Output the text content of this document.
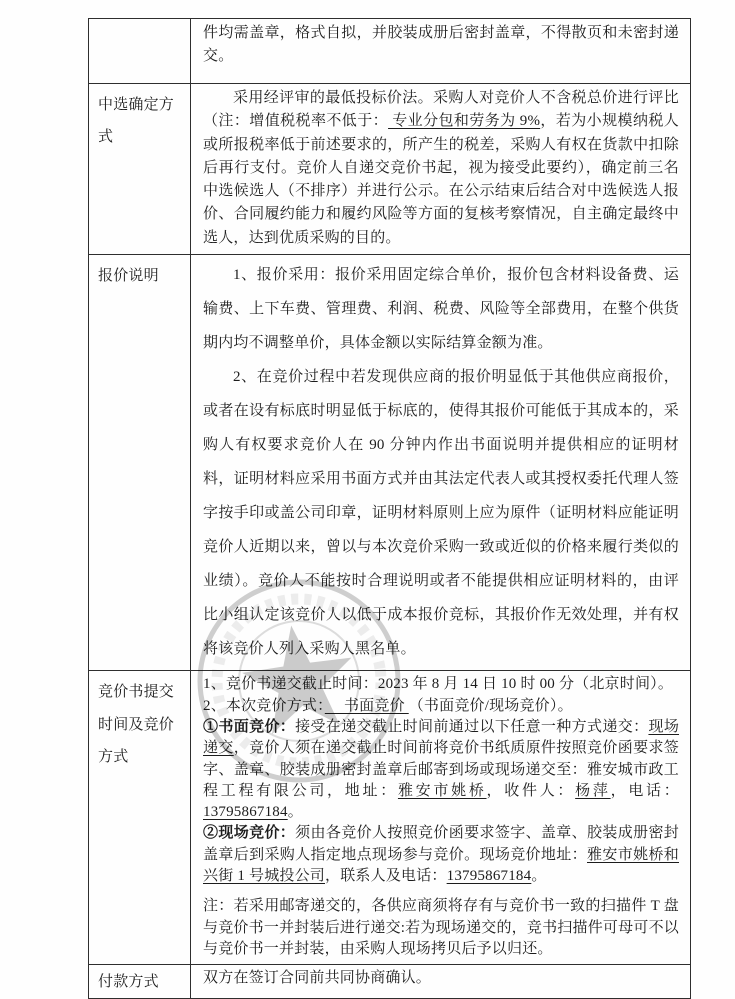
	件均需盖章，格式自拟，并胶装成册后密封盖章，不得散页和未密封递交。

中选确定方式	采用经评审的最低投标价法。采购人对竞价人不含税总价进行评比（注：增值税税率不低于： 专业分包和劳务为 9%，若为小规模纳税人或所报税率低于前述要求的，所产生的税差，采购人有权在货款中扣除后再行支付。竞价人自递交竞价书起，视为接受此要约），确定前三名中选候选人（不排序）并进行公示。在公示结束后结合对中选候选人报价、合同履约能力和履约风险等方面的复核考察情况，自主确定最终中选人，达到优质采购的目的。

报价说明	1、报价采用：报价采用固定综合单价，报价包含材料设备费、运输费、上下车费、管理费、利润、税费、风险等全部费用，在整个供货期内均不调整单价，具体金额以实际结算金额为准。

2、在竞价过程中若发现供应商的报价明显低于其他供应商报价，或者在设有标底时明显低于标底的，使得其报价可能低于其成本的，采购人有权要求竞价人在 90 分钟内作出书面说明并提供相应的证明材料，证明材料应采用书面方式并由其法定代表人或其授权委托代理人签字按手印或盖公司印章，证明材料原则上应为原件（证明材料应能证明竞价人近期以来，曾以与本次竞价采购一致或近似的价格来履行类似的业绩）。竞价人不能按时合理说明或者不能提供相应证明材料的，由评比小组认定该竞价人以低于成本报价竞标，其报价作无效处理，并有权将该竞价人列入采购人黑名单。

竞价书提交时间及竞价方式	1、竞价书递交截止时间：2023 年 8 月 14 日 10 时 00 分（北京时间）。

2、本次竞价方式：　 书面竞价 （书面竞价/现场竞价）。

①书面竞价：接受在递交截止时间前通过以下任意一种方式递交：现场递交，竞价人须在递交截止时间前将竞价书纸质原件按照竞价函要求签字、盖章、胶装成册密封盖章后邮寄到场或现场递交至：雅安城市政工程工程有限公司，地址：雅安市姚桥，收件人：杨萍，电话：13795867184。

②现场竞价：须由各竞价人按照竞价函要求签字、盖章、胶装成册密封盖章后到采购人指定地点现场参与竞价。现场竞价地址：雅安市姚桥和兴街 1 号城投公司，联系人及电话：13795867184。

注：若采用邮寄递交的，各供应商须将存有与竞价书一致的扫描件 T 盘与竞价书一并封装后进行递交:若为现场递交的，竞书扫描件可母可不以与竞价书一并封装，由采购人现场拷贝后予以归还。

付款方式	双方在签订合同前共同协商确认。
